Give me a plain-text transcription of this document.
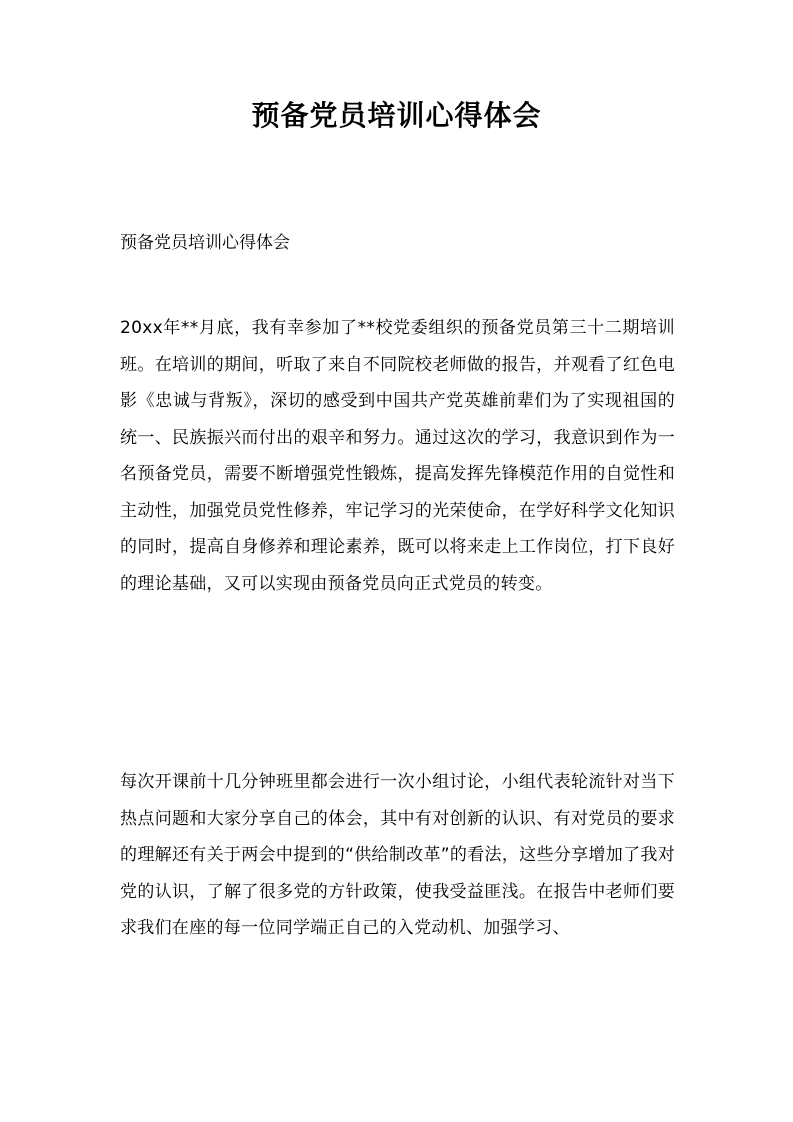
预备党员培训心得体会

预备党员培训心得体会

20xx年**月底，我有幸参加了**校党委组织的预备党员第三十二期培训班。在培训的期间，听取了来自不同院校老师做的报告，并观看了红色电影《忠诚与背叛》，深切的感受到中国共产党英雄前辈们为了实现祖国的统一、民族振兴而付出的艰辛和努力。通过这次的学习，我意识到作为一名预备党员，需要不断增强党性锻炼，提高发挥先锋模范作用的自觉性和主动性，加强党员党性修养，牢记学习的光荣使命，在学好科学文化知识的同时，提高自身修养和理论素养，既可以将来走上工作岗位，打下良好的理论基础，又可以实现由预备党员向正式党员的转变。

每次开课前十几分钟班里都会进行一次小组讨论，小组代表轮流针对当下热点问题和大家分享自己的体会，其中有对创新的认识、有对党员的要求的理解还有关于两会中提到的“供给制改革”的看法，这些分享增加了我对党的认识，了解了很多党的方针政策，使我受益匪浅。在报告中老师们要求我们在座的每一位同学端正自己的入党动机、加强学习、
